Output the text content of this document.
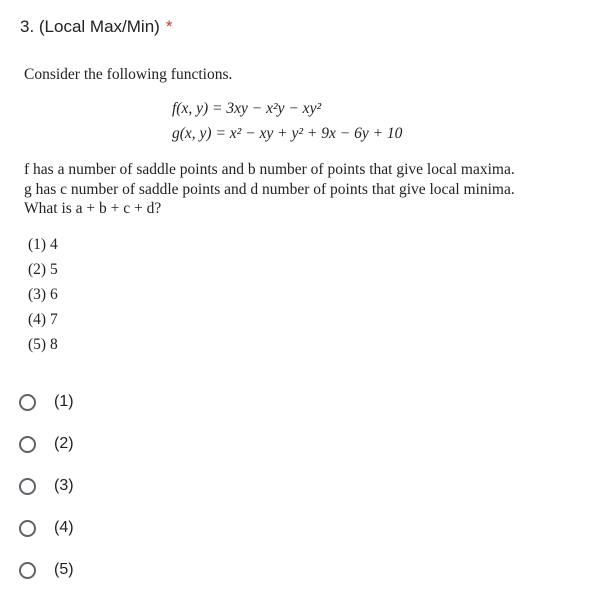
3. (Local Max/Min) *

Consider the following functions.

f(x, y) = 3xy − x²y − xy²
g(x, y) = x² − xy + y² + 9x − 6y + 10

f has a number of saddle points and b number of points that give local maxima.
g has c number of saddle points and d number of points that give local minima.
What is a + b + c + d?

(1) 4
(2) 5
(3) 6
(4) 7
(5) 8
(1)
(2)
(3)
(4)
(5)
